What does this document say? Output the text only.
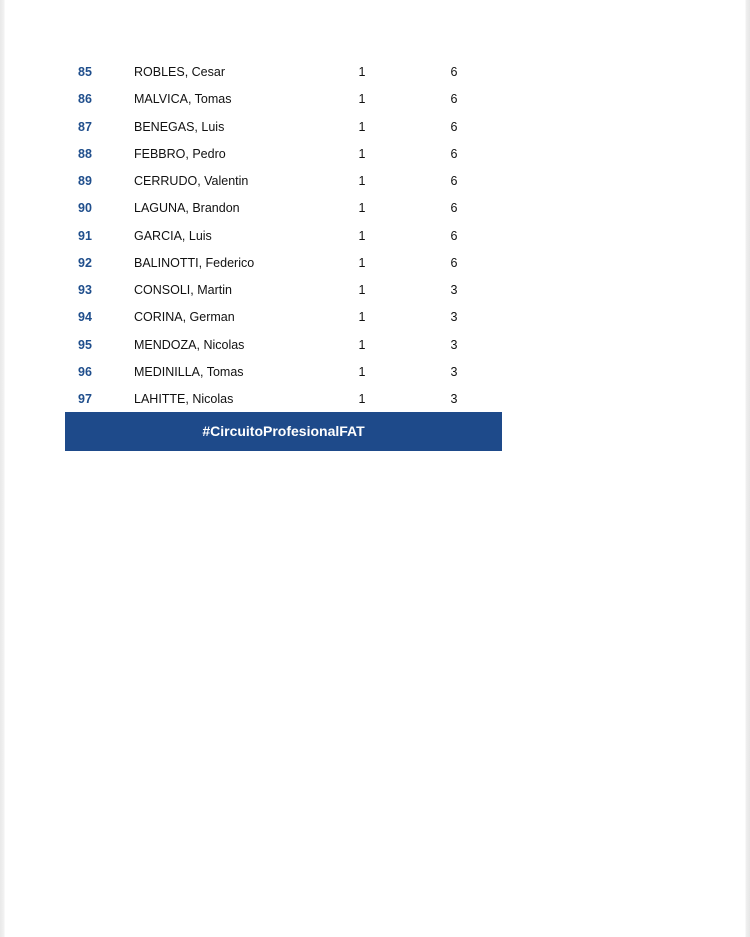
85	ROBLES, Cesar	1	6
86	MALVICA, Tomas	1	6
87	BENEGAS, Luis	1	6
88	FEBBRO, Pedro	1	6
89	CERRUDO, Valentin	1	6
90	LAGUNA, Brandon	1	6
91	GARCIA, Luis	1	6
92	BALINOTTI, Federico	1	6
93	CONSOLI, Martin	1	3
94	CORINA, German	1	3
95	MENDOZA, Nicolas	1	3
96	MEDINILLA, Tomas	1	3
97	LAHITTE, Nicolas	1	3
#CircuitoProfesionalFAT
